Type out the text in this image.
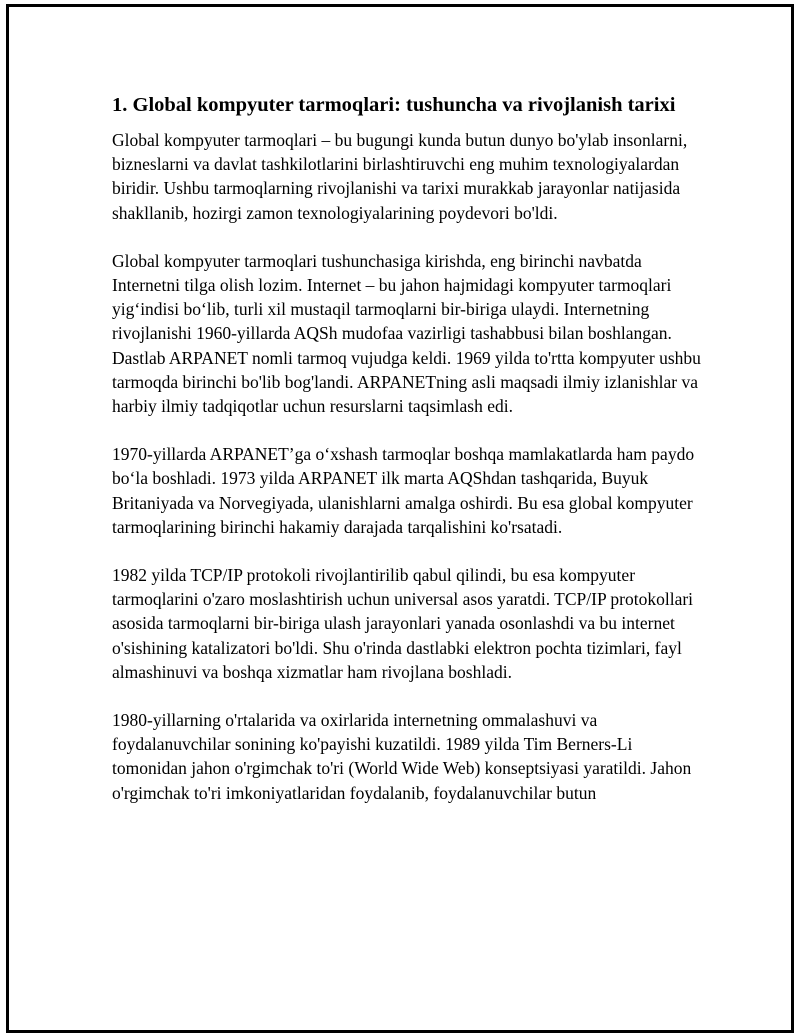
1. Global kompyuter tarmoqlari: tushuncha va rivojlanish tarixi

Global kompyuter tarmoqlari – bu bugungi kunda butun dunyo bo'ylab insonlarni, bizneslarni va davlat tashkilotlarini birlashtiruvchi eng muhim texnologiyalardan biridir. Ushbu tarmoqlarning rivojlanishi va tarixi murakkab jarayonlar natijasida shakllanib, hozirgi zamon texnologiyalarining poydevori bo'ldi.

Global kompyuter tarmoqlari tushunchasiga kirishda, eng birinchi navbatda Internetni tilga olish lozim. Internet – bu jahon hajmidagi kompyuter tarmoqlari yig‘indisi bo‘lib, turli xil mustaqil tarmoqlarni bir-biriga ulaydi. Internetning rivojlanishi 1960-yillarda AQSh mudofaa vazirligi tashabbusi bilan boshlangan. Dastlab ARPANET nomli tarmoq vujudga keldi. 1969 yilda to'rtta kompyuter ushbu tarmoqda birinchi bo'lib bog'landi. ARPANETning asli maqsadi ilmiy izlanishlar va harbiy ilmiy tadqiqotlar uchun resurslarni taqsimlash edi.

1970-yillarda ARPANET’ga o‘xshash tarmoqlar boshqa mamlakatlarda ham paydo bo‘la boshladi. 1973 yilda ARPANET ilk marta AQShdan tashqarida, Buyuk Britaniyada va Norvegiyada, ulanishlarni amalga oshirdi. Bu esa global kompyuter tarmoqlarining birinchi hakamiy darajada tarqalishini ko'rsatadi.

1982 yilda TCP/IP protokoli rivojlantirilib qabul qilindi, bu esa kompyuter tarmoqlarini o'zaro moslashtirish uchun universal asos yaratdi. TCP/IP protokollari asosida tarmoqlarni bir-biriga ulash jarayonlari yanada osonlashdi va bu internet o'sishining katalizatori bo'ldi. Shu o'rinda dastlabki elektron pochta tizimlari, fayl almashinuvi va boshqa xizmatlar ham rivojlana boshladi.

1980-yillarning o'rtalarida va oxirlarida internetning ommalashuvi va foydalanuvchilar sonining ko'payishi kuzatildi. 1989 yilda Tim Berners-Li tomonidan jahon o'rgimchak to'ri (World Wide Web) konseptsiyasi yaratildi. Jahon o'rgimchak to'ri imkoniyatlaridan foydalanib, foydalanuvchilar butun
